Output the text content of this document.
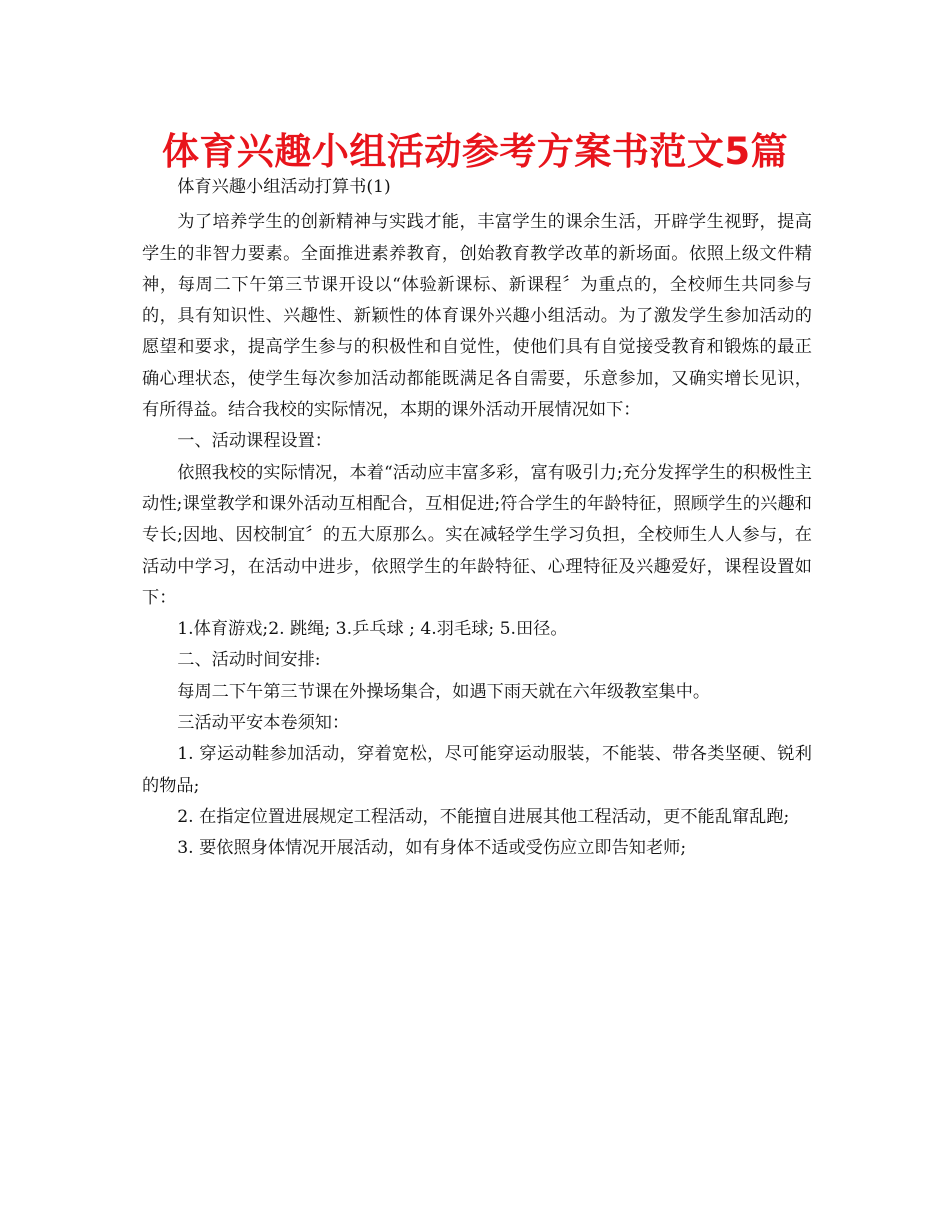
体育兴趣小组活动参考方案书范文5篇

体育兴趣小组活动打算书(1)

为了培养学生的创新精神与实践才能，丰富学生的课余生活，开辟学生视野，提高学生的非智力要素。全面推进素养教育，创始教育教学改革的新场面。依照上级文件精神，每周二下午第三节课开设以“体验新课标、新课程〞为重点的，全校师生共同参与的，具有知识性、兴趣性、新颖性的体育课外兴趣小组活动。为了激发学生参加活动的愿望和要求，提高学生参与的积极性和自觉性，使他们具有自觉接受教育和锻炼的最正确心理状态，使学生每次参加活动都能既满足各自需要，乐意参加，又确实增长见识，有所得益。结合我校的实际情况，本期的课外活动开展情况如下：

一、活动课程设置：

依照我校的实际情况，本着“活动应丰富多彩，富有吸引力;充分发挥学生的积极性主动性;课堂教学和课外活动互相配合，互相促进;符合学生的年龄特征，照顾学生的兴趣和专长;因地、因校制宜〞的五大原那么。实在减轻学生学习负担，全校师生人人参与，在活动中学习，在活动中进步，依照学生的年龄特征、心理特征及兴趣爱好，课程设置如下：

1.体育游戏;2. 跳绳; 3.乒乓球 ; 4.羽毛球; 5.田径。

二、活动时间安排:

每周二下午第三节课在外操场集合，如遇下雨天就在六年级教室集中。

三活动平安本卷须知：

1. 穿运动鞋参加活动，穿着宽松，尽可能穿运动服装，不能装、带各类坚硬、锐利的物品;

2. 在指定位置进展规定工程活动，不能擅自进展其他工程活动，更不能乱窜乱跑;

3. 要依照身体情况开展活动，如有身体不适或受伤应立即告知老师;
